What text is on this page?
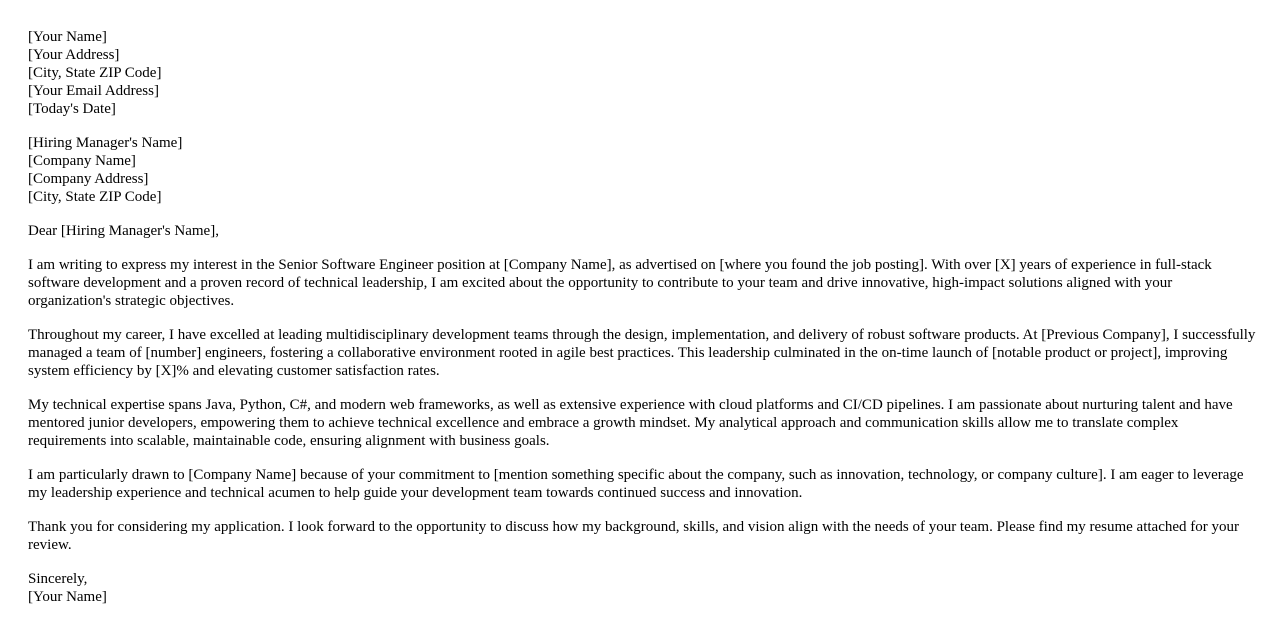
[Your Name]
[Your Address]
[City, State ZIP Code]
[Your Email Address]
[Today's Date]
[Hiring Manager's Name]
[Company Name]
[Company Address]
[City, State ZIP Code]

Dear [Hiring Manager's Name],

I am writing to express my interest in the Senior Software Engineer position at [Company Name], as advertised on [where you found the job posting]. With over [X] years of experience in full-stack software development and a proven record of technical leadership, I am excited about the opportunity to contribute to your team and drive innovative, high-impact solutions aligned with your organization's strategic objectives.

Throughout my career, I have excelled at leading multidisciplinary development teams through the design, implementation, and delivery of robust software products. At [Previous Company], I successfully managed a team of [number] engineers, fostering a collaborative environment rooted in agile best practices. This leadership culminated in the on-time launch of [notable product or project], improving system efficiency by [X]% and elevating customer satisfaction rates.

My technical expertise spans Java, Python, C#, and modern web frameworks, as well as extensive experience with cloud platforms and CI/CD pipelines. I am passionate about nurturing talent and have mentored junior developers, empowering them to achieve technical excellence and embrace a growth mindset. My analytical approach and communication skills allow me to translate complex requirements into scalable, maintainable code, ensuring alignment with business goals.

I am particularly drawn to [Company Name] because of your commitment to [mention something specific about the company, such as innovation, technology, or company culture]. I am eager to leverage my leadership experience and technical acumen to help guide your development team towards continued success and innovation.

Thank you for considering my application. I look forward to the opportunity to discuss how my background, skills, and vision align with the needs of your team. Please find my resume attached for your review.

Sincerely,
[Your Name]
